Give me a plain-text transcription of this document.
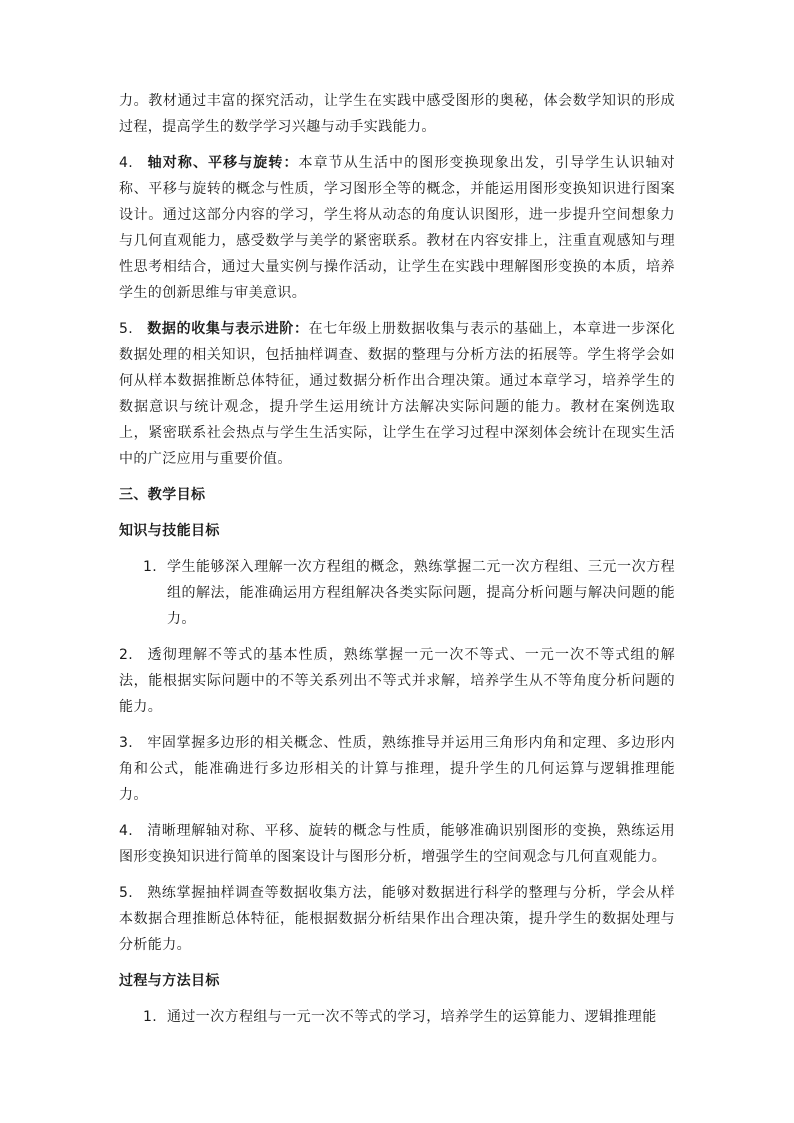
力。教材通过丰富的探究活动，让学生在实践中感受图形的奥秘，体会数学知识的形成过程，提高学生的数学学习兴趣与动手实践能力。

4. 轴对称、平移与旋转：本章节从生活中的图形变换现象出发，引导学生认识轴对称、平移与旋转的概念与性质，学习图形全等的概念，并能运用图形变换知识进行图案设计。通过这部分内容的学习，学生将从动态的角度认识图形，进一步提升空间想象力与几何直观能力，感受数学与美学的紧密联系。教材在内容安排上，注重直观感知与理性思考相结合，通过大量实例与操作活动，让学生在实践中理解图形变换的本质，培养学生的创新思维与审美意识。

5. 数据的收集与表示进阶：在七年级上册数据收集与表示的基础上，本章进一步深化数据处理的相关知识，包括抽样调查、数据的整理与分析方法的拓展等。学生将学会如何从样本数据推断总体特征，通过数据分析作出合理决策。通过本章学习，培养学生的数据意识与统计观念，提升学生运用统计方法解决实际问题的能力。教材在案例选取上，紧密联系社会热点与学生生活实际，让学生在学习过程中深刻体会统计在现实生活中的广泛应用与重要价值。

三、教学目标

知识与技能目标

1. 学生能够深入理解一次方程组的概念，熟练掌握二元一次方程组、三元一次方程组的解法，能准确运用方程组解决各类实际问题，提高分析问题与解决问题的能力。

2. 透彻理解不等式的基本性质，熟练掌握一元一次不等式、一元一次不等式组的解法，能根据实际问题中的不等关系列出不等式并求解，培养学生从不等角度分析问题的能力。

3. 牢固掌握多边形的相关概念、性质，熟练推导并运用三角形内角和定理、多边形内角和公式，能准确进行多边形相关的计算与推理，提升学生的几何运算与逻辑推理能力。

4. 清晰理解轴对称、平移、旋转的概念与性质，能够准确识别图形的变换，熟练运用图形变换知识进行简单的图案设计与图形分析，增强学生的空间观念与几何直观能力。

5. 熟练掌握抽样调查等数据收集方法，能够对数据进行科学的整理与分析，学会从样本数据合理推断总体特征，能根据数据分析结果作出合理决策，提升学生的数据处理与分析能力。

过程与方法目标

1. 通过一次方程组与一元一次不等式的学习，培养学生的运算能力、逻辑推理能
